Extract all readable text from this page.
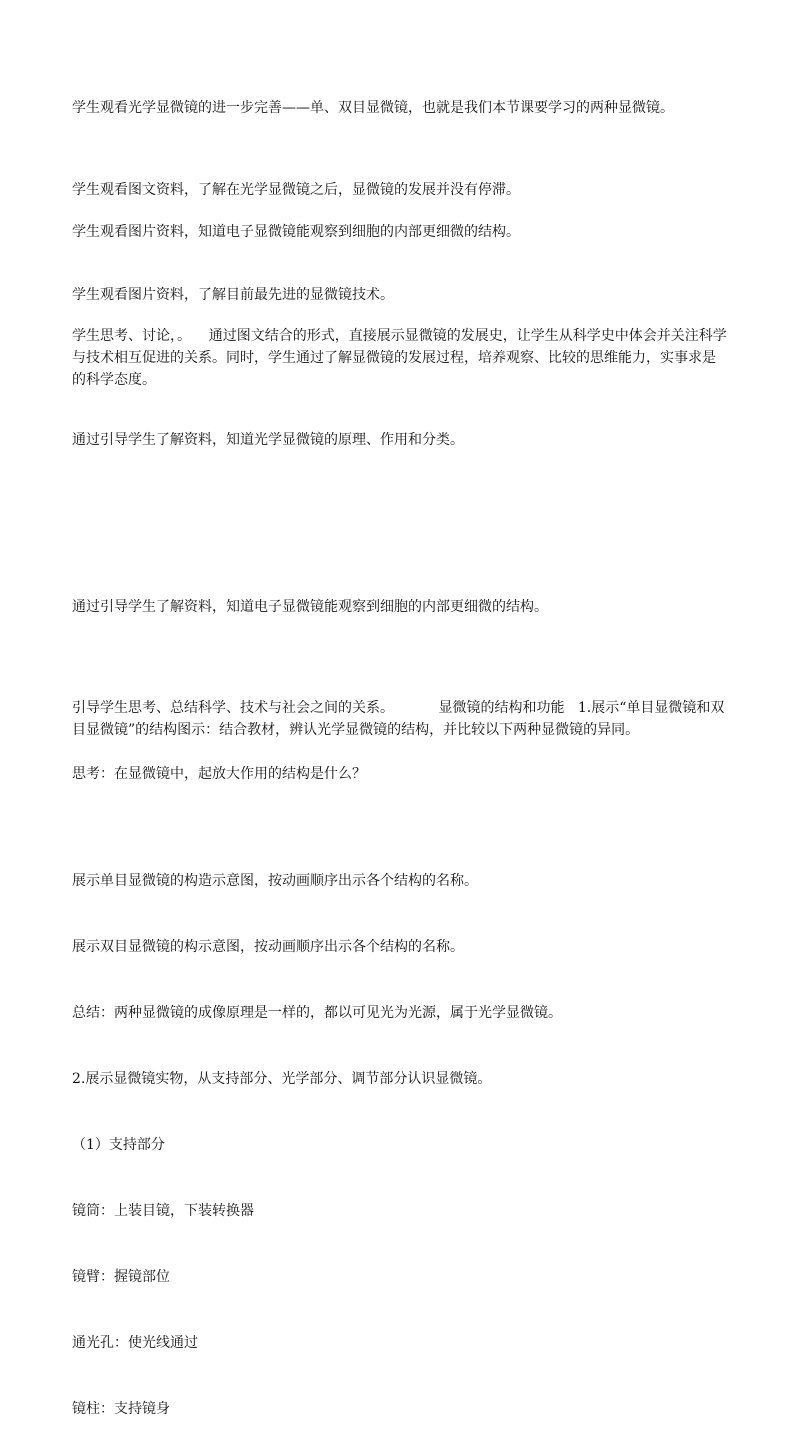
学生观看光学显微镜的进一步完善——单、双目显微镜，也就是我们本节课要学习的两种显微镜。

学生观看图文资料，了解在光学显微镜之后，显微镜的发展并没有停滞。

学生观看图片资料，知道电子显微镜能观察到细胞的内部更细微的结构。

学生观看图片资料，了解目前最先进的显微镜技术。

学生思考、讨论，。    通过图文结合的形式，直接展示显微镜的发展史，让学生从科学史中体会并关注科学与技术相互促进的关系。同时，学生通过了解显微镜的发展过程，培养观察、比较的思维能力，实事求是的科学态度。

通过引导学生了解资料，知道光学显微镜的原理、作用和分类。

通过引导学生了解资料，知道电子显微镜能观察到细胞的内部更细微的结构。

引导学生思考、总结科学、技术与社会之间的关系。          显微镜的结构和功能   1.展示“单目显微镜和双目显微镜”的结构图示：结合教材，辨认光学显微镜的结构，并比较以下两种显微镜的异同。

思考：在显微镜中，起放大作用的结构是什么？

展示单目显微镜的构造示意图，按动画顺序出示各个结构的名称。

展示双目显微镜的构示意图，按动画顺序出示各个结构的名称。

总结：两种显微镜的成像原理是一样的，都以可见光为光源，属于光学显微镜。

2.展示显微镜实物，从支持部分、光学部分、调节部分认识显微镜。

（1）支持部分

镜筒：上装目镜，下装转换器

镜臂：握镜部位

通光孔：使光线通过

镜柱：支持镜身
